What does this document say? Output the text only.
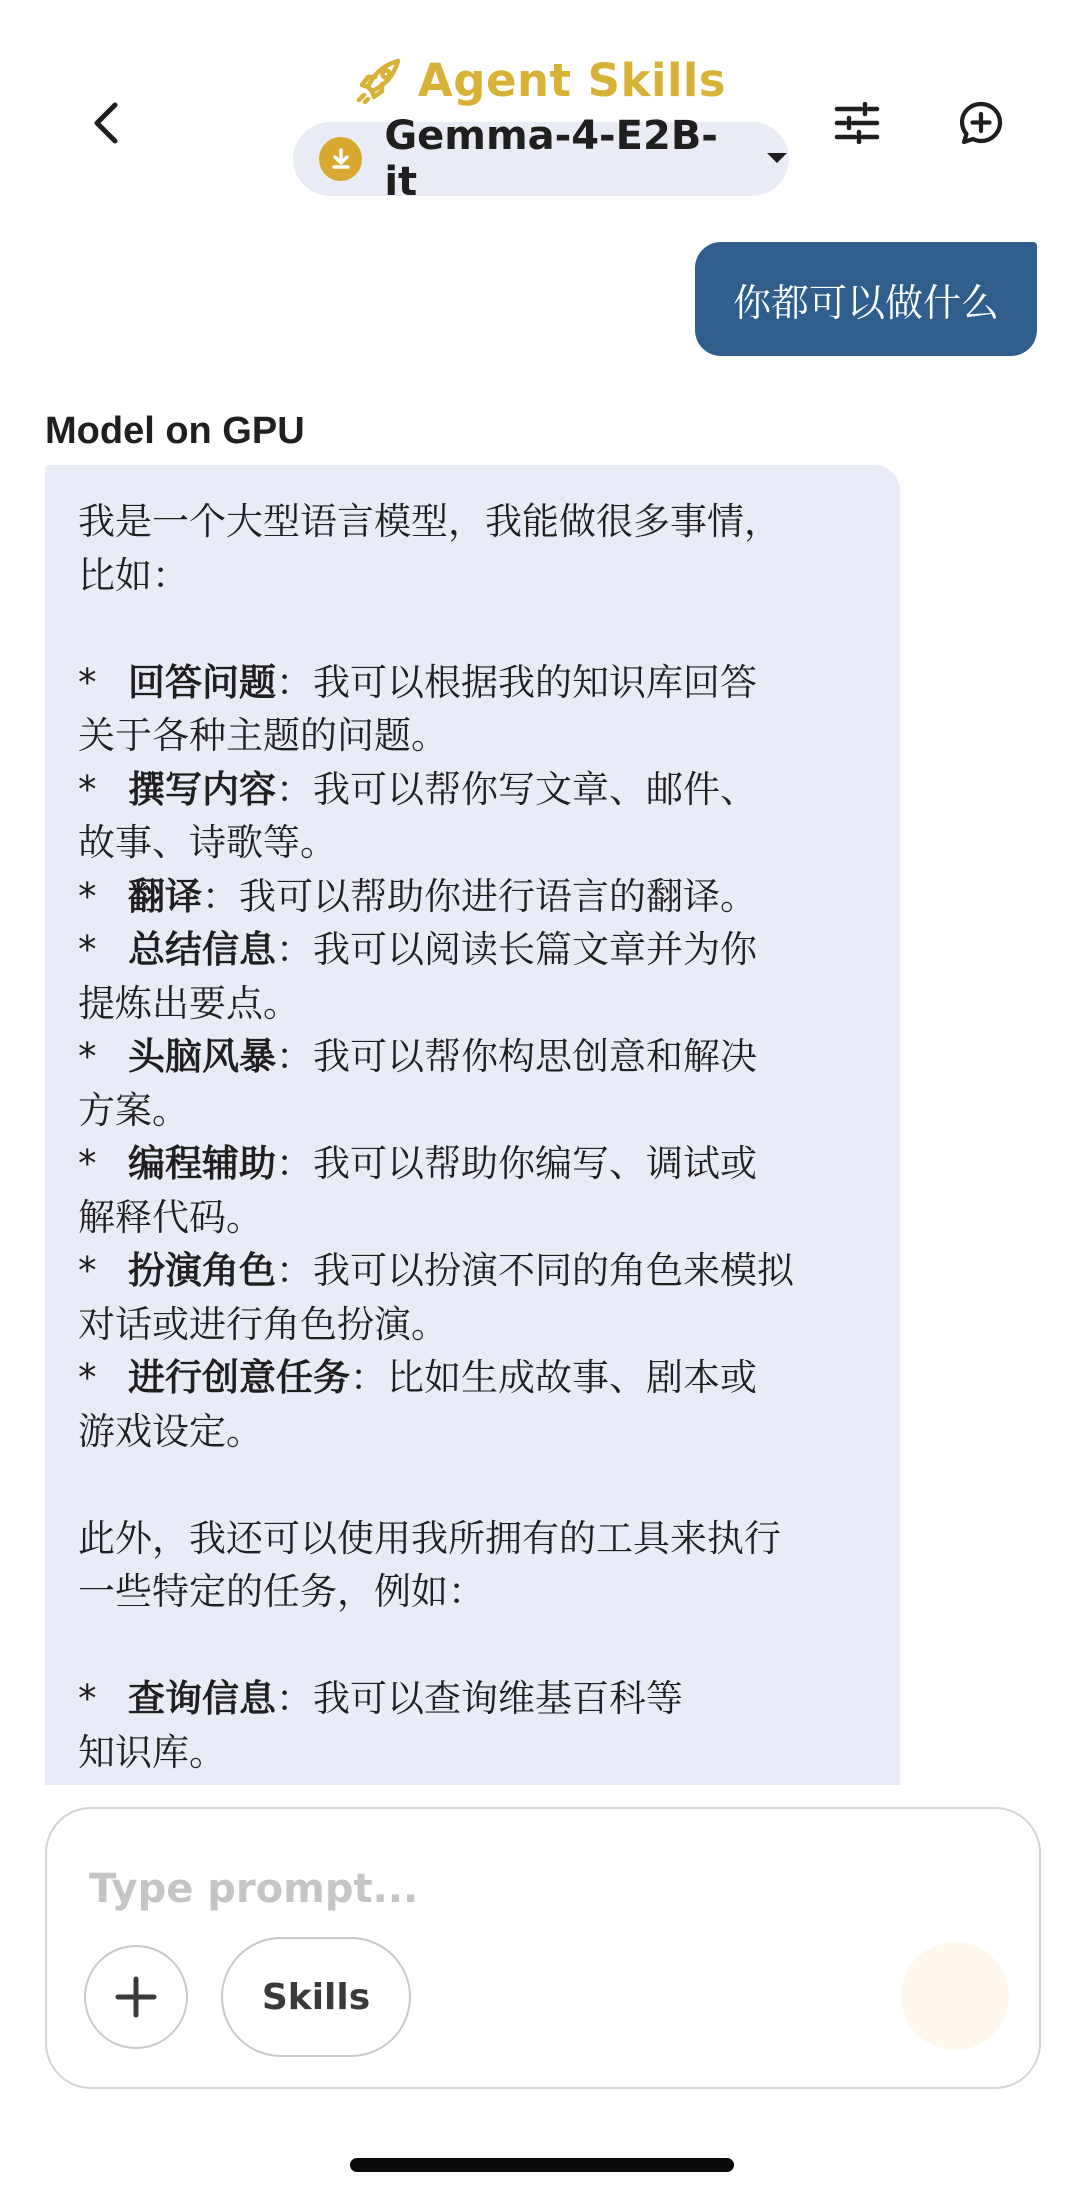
Agent Skills
Gemma-4-E2B-it
你都可以做什么
Model on GPU
我是一个大型语言模型，我能做很多事情，
比如：
* 回答问题：我可以根据我的知识库回答
关于各种主题的问题。
* 撰写内容：我可以帮你写文章、邮件、
故事、诗歌等。
* 翻译：我可以帮助你进行语言的翻译。
* 总结信息：我可以阅读长篇文章并为你
提炼出要点。
* 头脑风暴：我可以帮你构思创意和解决
方案。
* 编程辅助：我可以帮助你编写、调试或
解释代码。
* 扮演角色：我可以扮演不同的角色来模拟
对话或进行角色扮演。
* 进行创意任务：比如生成故事、剧本或
游戏设定。
此外，我还可以使用我所拥有的工具来执行
一些特定的任务，例如：
* 查询信息：我可以查询维基百科等
知识库。
Type prompt...
Skills
